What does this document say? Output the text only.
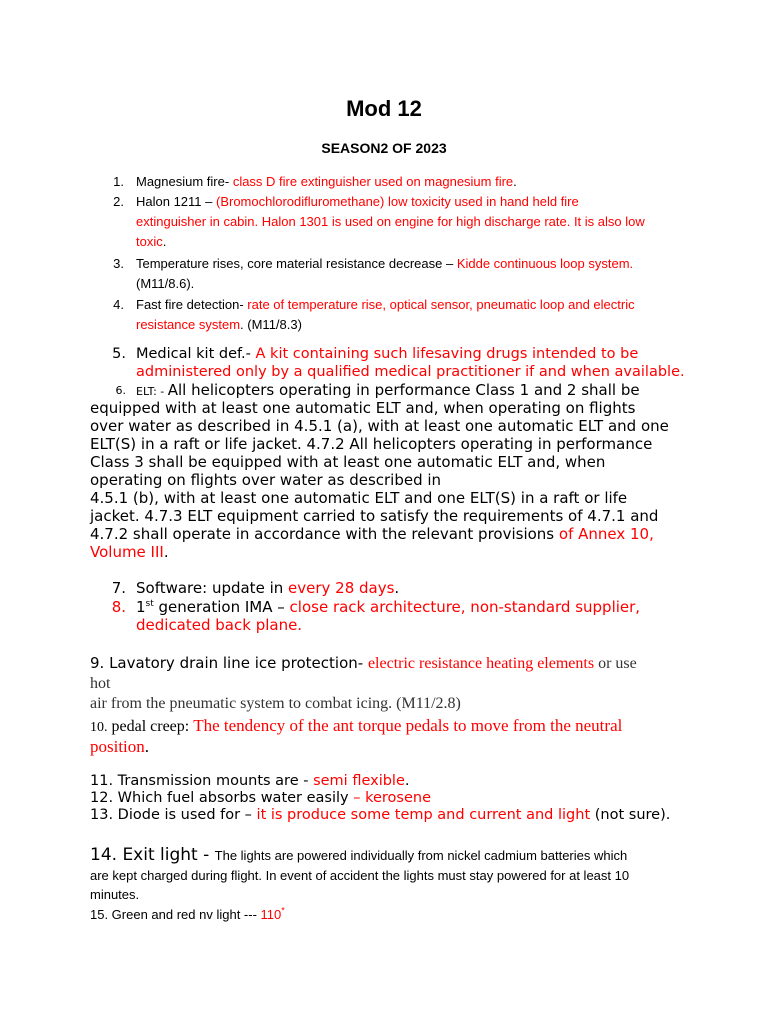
Mod 12
SEASON2 OF 2023
1. Magnesium fire- class D fire extinguisher used on magnesium fire.
2. Halon 1211 – (Bromochlorodifluromethane) low toxicity used in hand held fire
extinguisher in cabin. Halon 1301 is used on engine for high discharge rate. It is also low
toxic.
3. Temperature rises, core material resistance decrease – Kidde continuous loop system.
(M11/8.6).
4. Fast fire detection- rate of temperature rise, optical sensor, pneumatic loop and electric
resistance system. (M11/8.3)
5. Medical kit def.- A kit containing such lifesaving drugs intended to be
administered only by a qualified medical practitioner if and when available.
6. ELT: - All helicopters operating in performance Class 1 and 2 shall be
equipped with at least one automatic ELT and, when operating on flights
over water as described in 4.5.1 (a), with at least one automatic ELT and one
ELT(S) in a raft or life jacket. 4.7.2 All helicopters operating in performance
Class 3 shall be equipped with at least one automatic ELT and, when
operating on flights over water as described in
4.5.1 (b), with at least one automatic ELT and one ELT(S) in a raft or life
jacket. 4.7.3 ELT equipment carried to satisfy the requirements of 4.7.1 and
4.7.2 shall operate in accordance with the relevant provisions of Annex 10,
Volume III.
7. Software: update in every 28 days.
8. 1st generation IMA – close rack architecture, non-standard supplier,
dedicated back plane.
9. Lavatory drain line ice protection- electric resistance heating elements or use
hot
air from the pneumatic system to combat icing. (M11/2.8)
10. pedal creep: The tendency of the ant torque pedals to move from the neutral
position.
11. Transmission mounts are - semi flexible.
12. Which fuel absorbs water easily – kerosene
13. Diode is used for – it is produce some temp and current and light (not sure).
14. Exit light - The lights are powered individually from nickel cadmium batteries which
are kept charged during flight. In event of accident the lights must stay powered for at least 10
minutes.
15. Green and red nv light --- 110*
